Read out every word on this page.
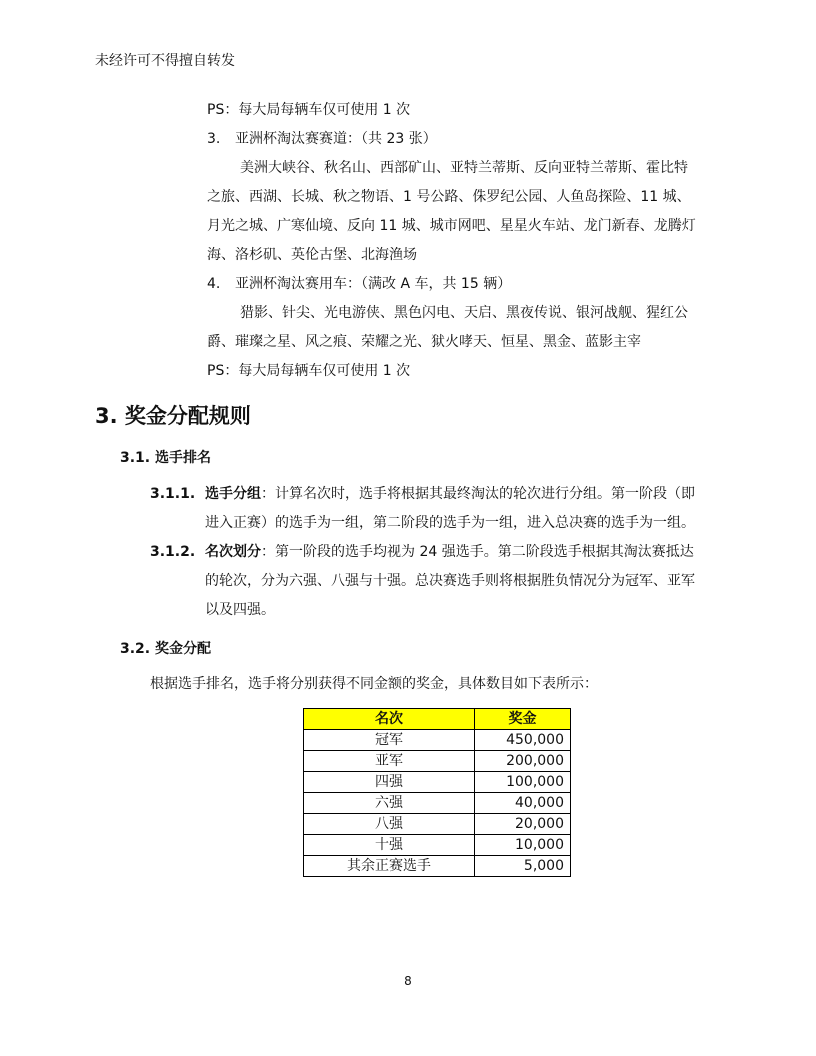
未经许可不得擅自转发
PS：每大局每辆车仅可使用 1 次
3. 亚洲杯淘汰赛赛道：（共 23 张）
美洲大峡谷、秋名山、西部矿山、亚特兰蒂斯、反向亚特兰蒂斯、霍比特
之旅、西湖、长城、秋之物语、1 号公路、侏罗纪公园、人鱼岛探险、11 城、
月光之城、广寒仙境、反向 11 城、城市网吧、星星火车站、龙门新春、龙腾灯
海、洛杉矶、英伦古堡、北海渔场
4. 亚洲杯淘汰赛用车：（满改 A 车，共 15 辆）
猎影、针尖、光电游侠、黑色闪电、天启、黑夜传说、银河战舰、猩红公
爵、璀璨之星、风之痕、荣耀之光、狱火哮天、恒星、黑金、蓝影主宰
PS：每大局每辆车仅可使用 1 次
3. 奖金分配规则
3.1. 选手排名
3.1.1. 选手分组：计算名次时，选手将根据其最终淘汰的轮次进行分组。第一阶段（即
进入正赛）的选手为一组，第二阶段的选手为一组，进入总决赛的选手为一组。
3.1.2. 名次划分：第一阶段的选手均视为 24 强选手。第二阶段选手根据其淘汰赛抵达
的轮次，分为六强、八强与十强。总决赛选手则将根据胜负情况分为冠军、亚军
以及四强。
3.2. 奖金分配
根据选手排名，选手将分别获得不同金额的奖金，具体数目如下表所示：
名次	奖金
冠军	450,000
亚军	200,000
四强	100,000
六强	40,000
八强	20,000
十强	10,000
其余正赛选手	5,000
8
